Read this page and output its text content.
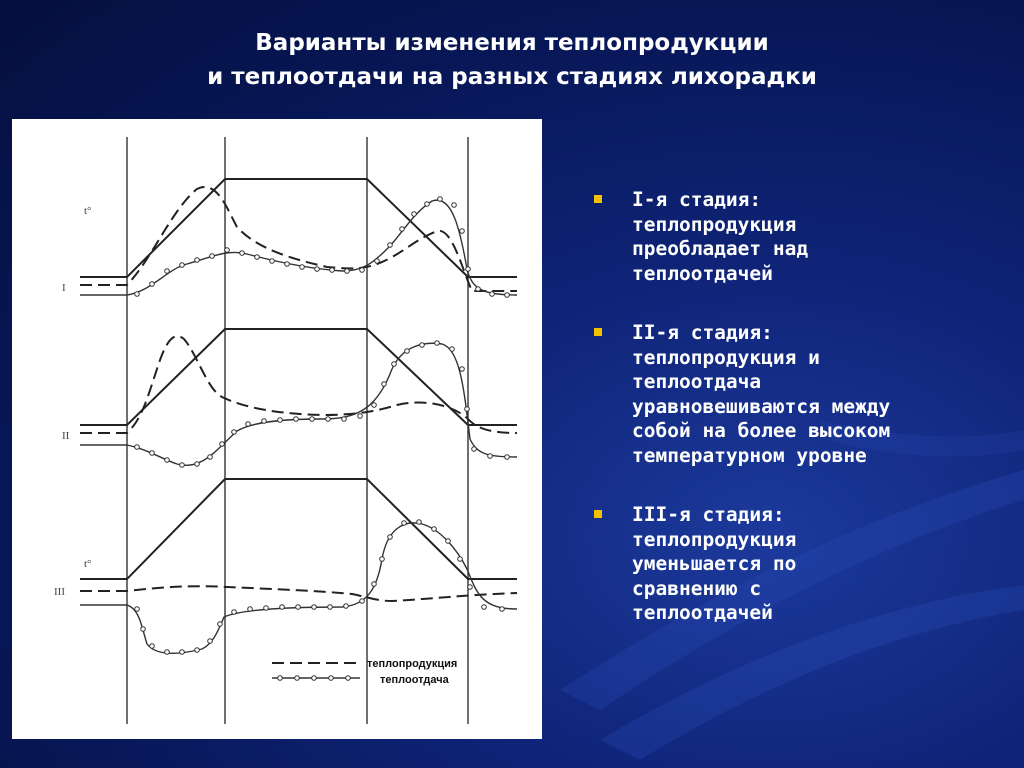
Варианты изменения теплопродукции
и теплоотдачи на разных стадиях лихорадки
t°
I
II
t°
III
теплопродукция
теплоотдача
I-я стадия:
теплопродукция
преобладает над
теплоотдачей
II-я стадия:
теплопродукция и
теплоотдача
уравновешиваются между
собой на более высоком
температурном уровне
III-я стадия:
теплопродукция
уменьшается по
сравнению с
теплоотдачей
